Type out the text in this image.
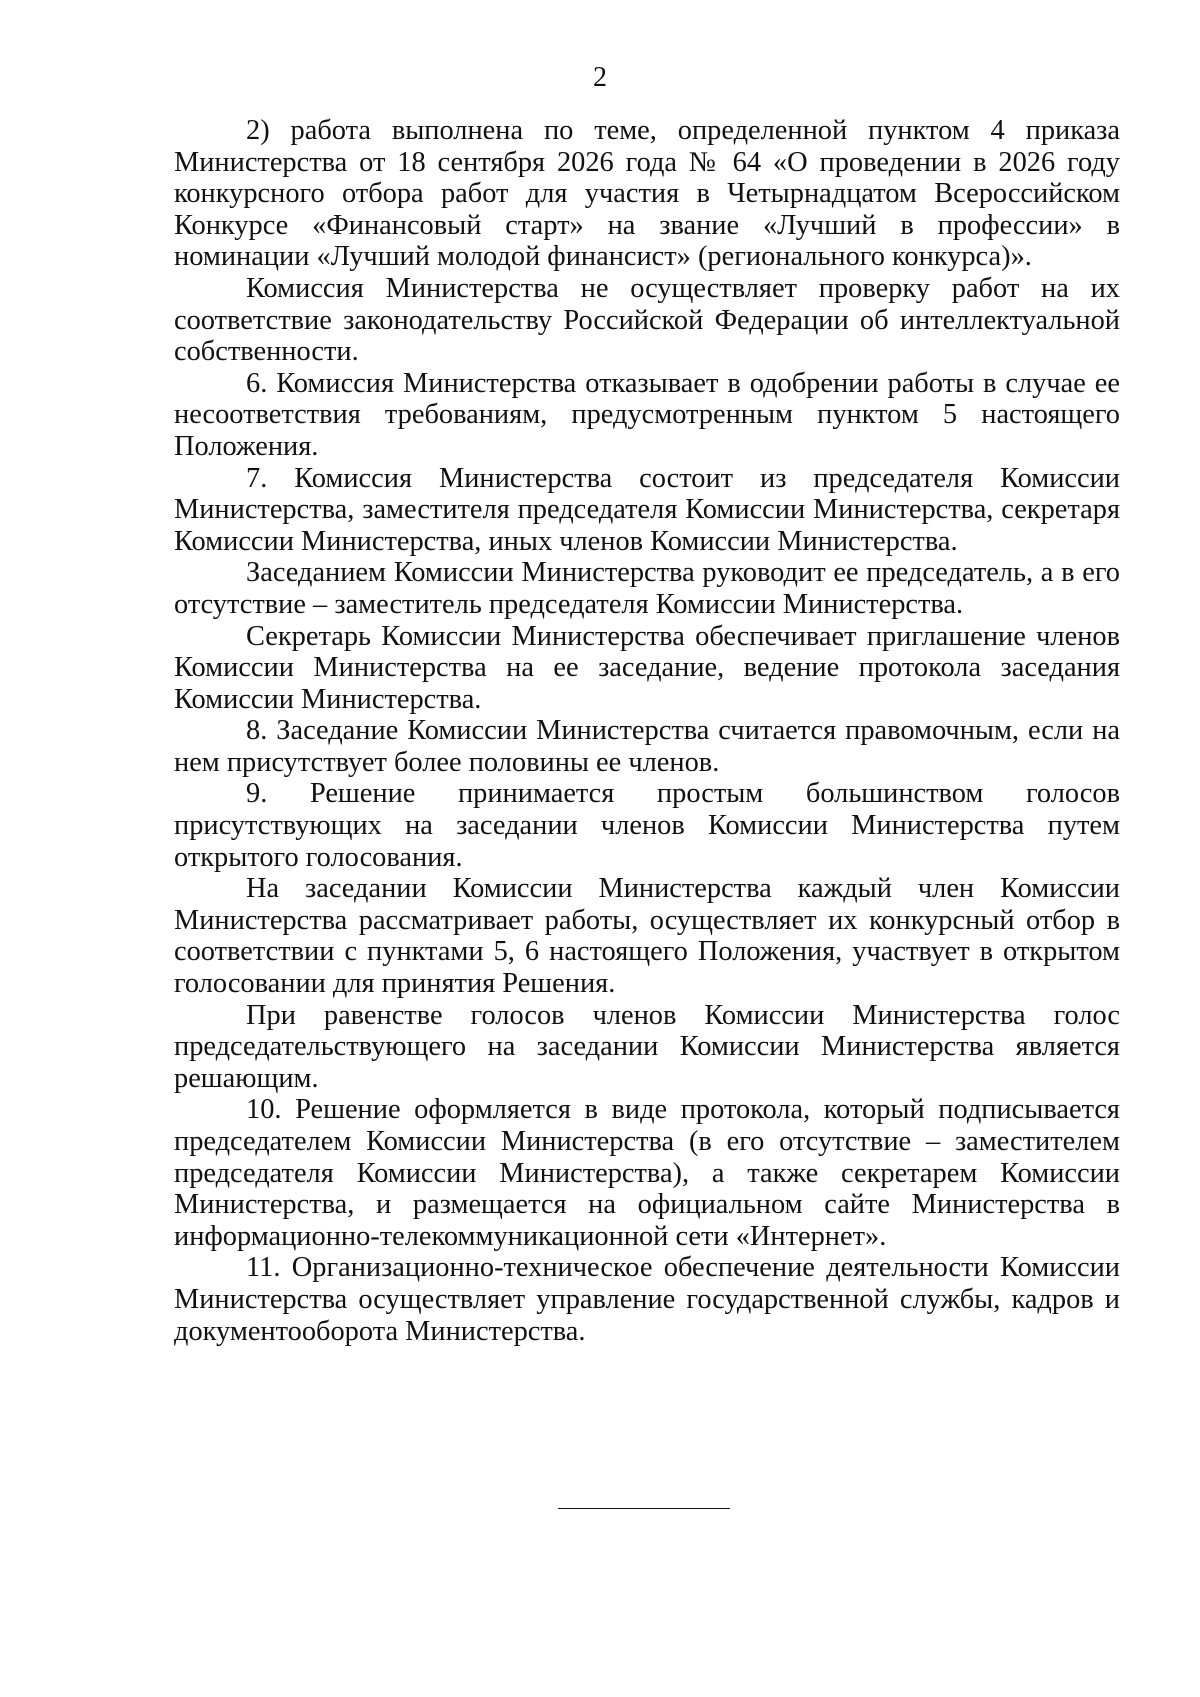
2

2) работа выполнена по теме, определенной пунктом 4 приказа Министерства от 18 сентября 2026 года № 64 «О проведении в 2026 году конкурсного отбора работ для участия в Четырнадцатом Всероссийском Конкурсе «Финансовый старт» на звание «Лучший в профессии» в номинации «Лучший молодой финансист» (регионального конкурса)».

Комиссия Министерства не осуществляет проверку работ на их соответствие законодательству Российской Федерации об интеллектуальной собственности.

6. Комиссия Министерства отказывает в одобрении работы в случае ее несоответствия требованиям, предусмотренным пунктом 5 настоящего Положения.

7. Комиссия Министерства состоит из председателя Комиссии Министерства, заместителя председателя Комиссии Министерства, секретаря Комиссии Министерства, иных членов Комиссии Министерства.

Заседанием Комиссии Министерства руководит ее председатель, а в его отсутствие – заместитель председателя Комиссии Министерства.

Секретарь Комиссии Министерства обеспечивает приглашение членов Комиссии Министерства на ее заседание, ведение протокола заседания Комиссии Министерства.

8. Заседание Комиссии Министерства считается правомочным, если на нем присутствует более половины ее членов.

9. Решение принимается простым большинством голосов присутствующих на заседании членов Комиссии Министерства путем открытого голосования.

На заседании Комиссии Министерства каждый член Комиссии Министерства рассматривает работы, осуществляет их конкурсный отбор в соответствии с пунктами 5, 6 настоящего Положения, участвует в открытом голосовании для принятия Решения.

При равенстве голосов членов Комиссии Министерства голос председательствующего на заседании Комиссии Министерства является решающим.

10. Решение оформляется в виде протокола, который подписывается председателем Комиссии Министерства (в его отсутствие – заместителем председателя Комиссии Министерства), а также секретарем Комиссии Министерства, и размещается на официальном сайте Министерства в информационно-телекоммуникационной сети «Интернет».

11. Организационно-техническое обеспечение деятельности Комиссии Министерства осуществляет управление государственной службы, кадров и документооборота Министерства.
